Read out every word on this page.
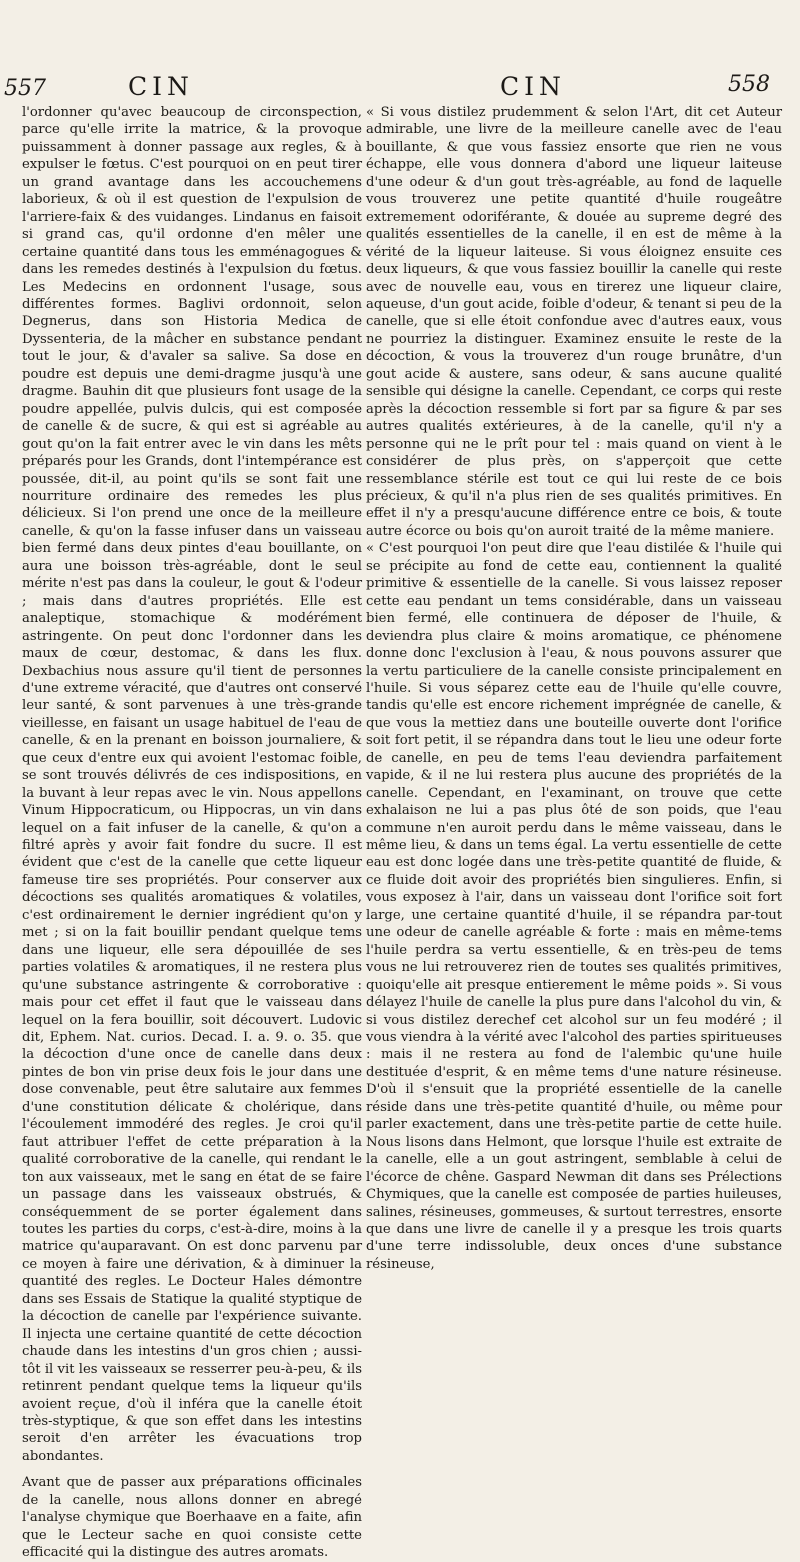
557	CIN	CIN	558

l'ordonner qu'avec beaucoup de circonspection, parce qu'elle irrite la matrice, & la provoque puissamment à donner passage aux regles, & à expulser le fœtus. C'est pourquoi on en peut tirer un grand avantage dans les accouchemens laborieux, & où il est question de l'expulsion de l'arriere-faix & des vuidanges. Lindanus en faisoit si grand cas, qu'il ordonne d'en mêler une certaine quantité dans tous les emménagogues & dans les remedes destinés à l'expulsion du fœtus. Les Medecins en ordonnent l'usage, sous différentes formes. Baglivi ordonnoit, selon Degnerus, dans son Historia Medica de Dyssenteria, de la mâcher en substance pendant tout le jour, & d'avaler sa salive. Sa dose en poudre est depuis une demi-dragme jusqu'à une dragme. Bauhin dit que plusieurs font usage de la poudre appellée, pulvis dulcis, qui est composée de canelle & de sucre, & qui est si agréable au gout qu'on la fait entrer avec le vin dans les mêts préparés pour les Grands, dont l'intempérance est poussée, dit-il, au point qu'ils se sont fait une nourriture ordinaire des remedes les plus délicieux. Si l'on prend une once de la meilleure canelle, & qu'on la fasse infuser dans un vaisseau bien fermé dans deux pintes d'eau bouillante, on aura une boisson très-agréable, dont le seul mérite n'est pas dans la couleur, le gout & l'odeur ; mais dans d'autres propriétés. Elle est analeptique, stomachique & modérément astringente. On peut donc l'ordonner dans les maux de cœur, destomac, & dans les flux. Dexbachius nous assure qu'il tient de personnes d'une extreme véracité, que d'autres ont conservé leur santé, & sont parvenues à une très-grande vieillesse, en faisant un usage habituel de l'eau de canelle, & en la prenant en boisson journaliere, & que ceux d'entre eux qui avoient l'estomac foible, se sont trouvés délivrés de ces indispositions, en la buvant à leur repas avec le vin. Nous appellons Vinum Hippocraticum, ou Hippocras, un vin dans lequel on a fait infuser de la canelle, & qu'on a filtré après y avoir fait fondre du sucre. Il est évident que c'est de la canelle que cette liqueur fameuse tire ses propriétés. Pour conserver aux décoctions ses qualités aromatiques & volatiles, c'est ordinairement le dernier ingrédient qu'on y met ; si on la fait bouillir pendant quelque tems dans une liqueur, elle sera dépouillée de ses parties volatiles & aromatiques, il ne restera plus qu'une substance astringente & corroborative : mais pour cet effet il faut que le vaisseau dans lequel on la fera bouillir, soit découvert. Ludovic dit, Ephem. Nat. curios. Decad. I. a. 9. o. 35. que la décoction d'une once de canelle dans deux pintes de bon vin prise deux fois le jour dans une dose convenable, peut être salutaire aux femmes d'une constitution délicate & cholérique, dans l'écoulement immodéré des regles. Je croi qu'il faut attribuer l'effet de cette préparation à la qualité corroborative de la canelle, qui rendant le ton aux vaisseaux, met le sang en état de se faire un passage dans les vaisseaux obstrués, & conséquemment de se porter également dans toutes les parties du corps, c'est-à-dire, moins à la matrice qu'auparavant. On est donc parvenu par ce moyen à faire une dérivation, & à diminuer la quantité des regles. Le Docteur Hales démontre dans ses Essais de Statique la qualité styptique de la décoction de canelle par l'expérience suivante. Il injecta une certaine quantité de cette décoction chaude dans les intestins d'un gros chien ; aussi-tôt il vit les vaisseaux se resserrer peu-à-peu, & ils retinrent pendant quelque tems la liqueur qu'ils avoient reçue, d'où il inféra que la canelle étoit très-styptique, & que son effet dans les intestins seroit d'en arrêter les évacuations trop abondantes.

Avant que de passer aux préparations officinales de la canelle, nous allons donner en abregé l'analyse chymique que Boerhaave en a faite, afin que le Lecteur sache en quoi consiste cette efficacité qui la distingue des autres aromats.

« Si vous distilez prudemment & selon l'Art, dit cet Auteur admirable, une livre de la meilleure canelle avec de l'eau bouillante, & que vous fassiez ensorte que rien ne vous échappe, elle vous donnera d'abord une liqueur laiteuse d'une odeur & d'un gout très-agréable, au fond de laquelle vous trouverez une petite quantité d'huile rougeâtre extremement odoriférante, & douée au supreme degré des qualités essentielles de la canelle, il en est de même à la vérité de la liqueur laiteuse. Si vous éloignez ensuite ces deux liqueurs, & que vous fassiez bouillir la canelle qui reste avec de nouvelle eau, vous en tirerez une liqueur claire, aqueuse, d'un gout acide, foible d'odeur, & tenant si peu de la canelle, que si elle étoit confondue avec d'autres eaux, vous ne pourriez la distinguer. Examinez ensuite le reste de la décoction, & vous la trouverez d'un rouge brunâtre, d'un gout acide & austere, sans odeur, & sans aucune qualité sensible qui désigne la canelle. Cependant, ce corps qui reste après la décoction ressemble si fort par sa figure & par ses autres qualités extérieures, à de la canelle, qu'il n'y a personne qui ne le prît pour tel : mais quand on vient à le considérer de plus près, on s'apperçoit que cette ressemblance stérile est tout ce qui lui reste de ce bois précieux, & qu'il n'a plus rien de ses qualités primitives. En effet il n'y a presqu'aucune différence entre ce bois, & toute autre écorce ou bois qu'on auroit traité de la même maniere.

« C'est pourquoi l'on peut dire que l'eau distilée & l'huile qui se précipite au fond de cette eau, contiennent la qualité primitive & essentielle de la canelle. Si vous laissez reposer cette eau pendant un tems considérable, dans un vaisseau bien fermé, elle continuera de déposer de l'huile, & deviendra plus claire & moins aromatique, ce phénomene donne donc l'exclusion à l'eau, & nous pouvons assurer que la vertu particuliere de la canelle consiste principalement en l'huile. Si vous séparez cette eau de l'huile qu'elle couvre, tandis qu'elle est encore richement imprégnée de canelle, & que vous la mettiez dans une bouteille ouverte dont l'orifice soit fort petit, il se répandra dans tout le lieu une odeur forte de canelle, en peu de tems l'eau deviendra parfaitement vapide, & il ne lui restera plus aucune des propriétés de la canelle. Cependant, en l'examinant, on trouve que cette exhalaison ne lui a pas plus ôté de son poids, que l'eau commune n'en auroit perdu dans le même vaisseau, dans le même lieu, & dans un tems égal. La vertu essentielle de cette eau est donc logée dans une très-petite quantité de fluide, & ce fluide doit avoir des propriétés bien singulieres. Enfin, si vous exposez à l'air, dans un vaisseau dont l'orifice soit fort large, une certaine quantité d'huile, il se répandra par-tout une odeur de canelle agréable & forte : mais en même-tems l'huile perdra sa vertu essentielle, & en très-peu de tems vous ne lui retrouverez rien de toutes ses qualités primitives, quoiqu'elle ait presque entierement le même poids ». Si vous délayez l'huile de canelle la plus pure dans l'alcohol du vin, & si vous distilez derechef cet alcohol sur un feu modéré ; il vous viendra à la vérité avec l'alcohol des parties spiritueuses : mais il ne restera au fond de l'alembic qu'une huile destituée d'esprit, & en même tems d'une nature résineuse. D'où il s'ensuit que la propriété essentielle de la canelle réside dans une très-petite quantité d'huile, ou même pour parler exactement, dans une très-petite partie de cette huile. Nous lisons dans Helmont, que lorsque l'huile est extraite de la canelle, elle a un gout astringent, semblable à celui de l'écorce de chêne. Gaspard Newman dit dans ses Prélections Chymiques, que la canelle est composée de parties huileuses, salines, résineuses, gommeuses, & surtout terrestres, ensorte que dans une livre de canelle il y a presque les trois quarts d'une terre indissoluble, deux onces d'une substance résineuse,
